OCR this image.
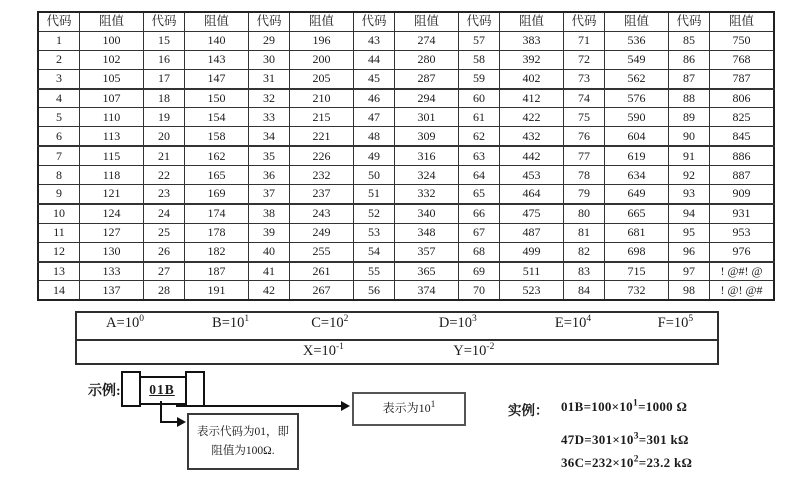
代码	阻值	代码	阻值	代码	阻值	代码	阻值	代码	阻值	代码	阻值	代码	阻值
1	100	15	140	29	196	43	274	57	383	71	536	85	750
2	102	16	143	30	200	44	280	58	392	72	549	86	768
3	105	17	147	31	205	45	287	59	402	73	562	87	787
4	107	18	150	32	210	46	294	60	412	74	576	88	806
5	110	19	154	33	215	47	301	61	422	75	590	89	825
6	113	20	158	34	221	48	309	62	432	76	604	90	845
7	115	21	162	35	226	49	316	63	442	77	619	91	886
8	118	22	165	36	232	50	324	64	453	78	634	92	887
9	121	23	169	37	237	51	332	65	464	79	649	93	909
10	124	24	174	38	243	52	340	66	475	80	665	94	931
11	127	25	178	39	249	53	348	67	487	81	681	95	953
12	130	26	182	40	255	54	357	68	499	82	698	96	976
13	133	27	187	41	261	55	365	69	511	83	715	97	! @#! @
14	137	28	191	42	267	56	374	70	523	84	732	98	! @! @#
$A=10^0$	$B=10^1$	$C=10^2$	$D=10^3$	$E=10^4$	$F=10^5$
$X=10^{-1}$	$Y=10^{-2}$
示例:	01B
表示代码为01，即
阻值为100Ω.
表示为$10^1$	实例： $01B=100\times 10^1=1000$ Ω
$47D=301\times 10^3=301$ kΩ
$36C=232\times 10^2=23.2$ kΩ
